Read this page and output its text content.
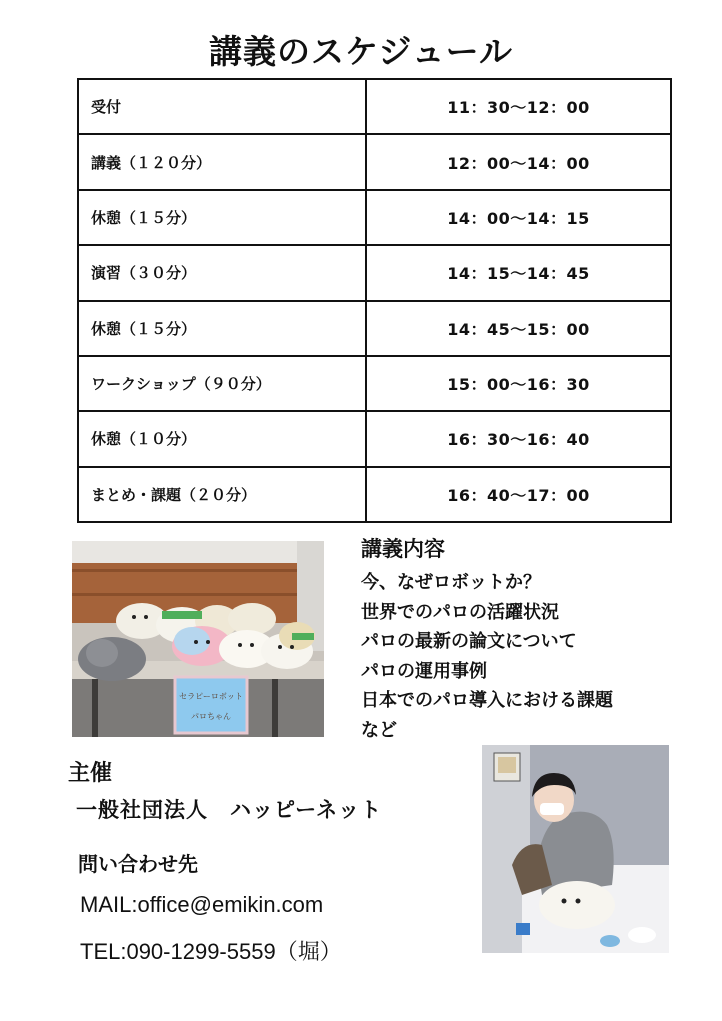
講義のスケジュール
受付	11：30〜12：00
講義（１２０分）	12：00〜14：00
休憩（１５分）	14：00〜14：15
演習（３０分）	14：15〜14：45
休憩（１５分）	14：45〜15：00
ワークショップ（９０分）	15：00〜16：30
休憩（１０分）	16：30〜16：40
まとめ・課題（２０分）	16：40〜17：00
セラピーロボット
パロちゃん
講義内容
今、なぜロボットか？
世界でのパロの活躍状況
パロの最新の論文について
パロの運用事例
日本でのパロ導入における課題
など
主催
一般社団法人　ハッピーネット
問い合わせ先
MAIL:office@emikin.com
TEL:090-1299-5559（堀）
